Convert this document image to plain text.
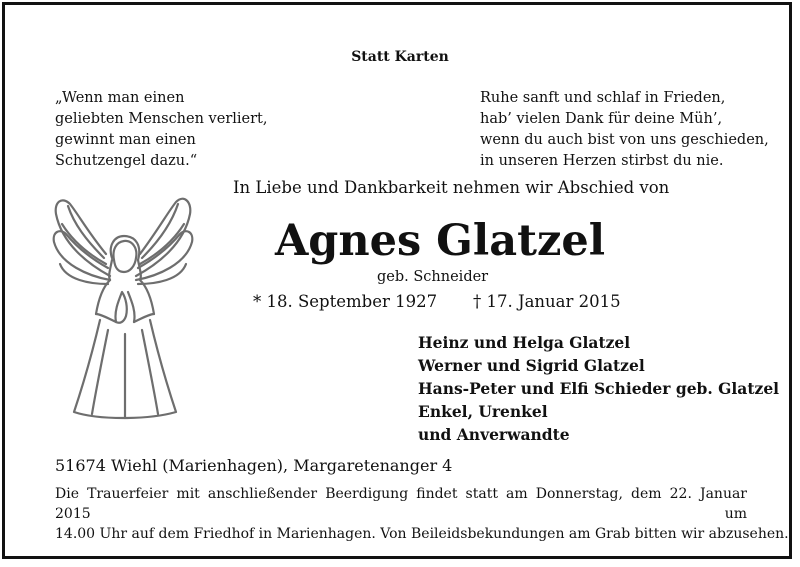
Statt Karten
„Wenn man einen
geliebten Menschen verliert,
gewinnt man einen
Schutzengel dazu.“
Ruhe sanft und schlaf in Frieden,
hab’ vielen Dank für deine Müh’,
wenn du auch bist von uns geschieden,
in unseren Herzen stirbst du nie.
In Liebe und Dankbarkeit nehmen wir Abschied von
Agnes Glatzel
geb. Schneider
* 18. September 1927 † 17. Januar 2015
Heinz und Helga Glatzel
Werner und Sigrid Glatzel
Hans-Peter und Elfi Schieder geb. Glatzel
Enkel, Urenkel
und Anverwandte
51674 Wiehl (Marienhagen), Margaretenanger 4
Die Trauerfeier mit anschließender Beerdigung findet statt am Donnerstag, dem 22. Januar 2015 um
14.00 Uhr auf dem Friedhof in Marienhagen. Von Beileidsbekundungen am Grab bitten wir abzusehen.
